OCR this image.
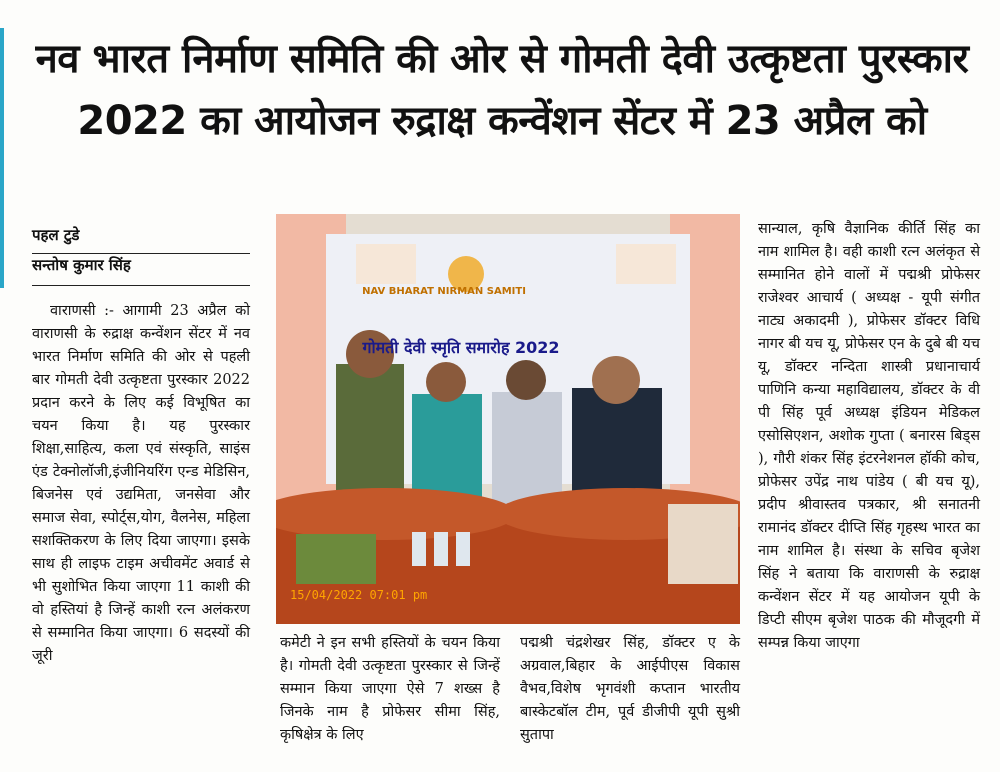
नव भारत निर्माण समिति की ओर से गोमती देवी उत्कृष्टता पुरस्कार
2022 का आयोजन रुद्राक्ष कन्वेंशन सेंटर में 23 अप्रैल को

पहल टुडे

सन्तोष कुमार सिंह

वाराणसी :- आगामी 23 अप्रैल को वाराणसी के रुद्राक्ष कन्वेंशन सेंटर में नव भारत निर्माण समिति की ओर से पहली बार गोमती देवी उत्कृष्टता पुरस्कार 2022 प्रदान करने के लिए कई विभूषित का चयन किया है। यह पुरस्कार शिक्षा,साहित्य, कला एवं संस्कृति, साइंस एंड टेक्नोलॉजी,इंजीनियरिंग एन्ड मेडिसिन, बिजनेस एवं उद्यमिता, जनसेवा और समाज सेवा, स्पोर्ट्स,योग, वैलनेस, महिला सशक्तिकरण के लिए दिया जाएगा। इसके साथ ही लाइफ टाइम अचीवमेंट अवार्ड से भी सुशोभित किया जाएगा 11 काशी की वो हस्तियां है जिन्हें काशी रत्न अलंकरण से सम्मानित किया जाएगा। 6 सदस्यों की जूरी

NAV BHARAT NIRMAN SAMITI
गोमती देवी स्मृति समारोह 2022
15/04/2022 07:01 pm

कमेटी ने इन सभी हस्तियों के चयन किया है। गोमती देवी उत्कृष्टता पुरस्कार से जिन्हें सम्मान किया जाएगा ऐसे 7 शख्स है जिनके नाम है प्रोफेसर सीमा सिंह, कृषिक्षेत्र के लिए

पद्मश्री चंद्रशेखर सिंह, डॉक्टर ए के अग्रवाल,बिहार के आईपीएस विकास वैभव,विशेष भृगवंशी कप्तान भारतीय बास्केटबॉल टीम, पूर्व डीजीपी यूपी सुश्री सुतापा

सान्याल, कृषि वैज्ञानिक कीर्ति सिंह का नाम शामिल है। वही काशी रत्न अलंकृत से सम्मानित होने वालों में पद्मश्री प्रोफेसर राजेश्वर आचार्य ( अध्यक्ष - यूपी संगीत नाट्य अकादमी ), प्रोफेसर डॉक्टर विधि नागर बी यच यू, प्रोफेसर एन के दुबे बी यच यू, डॉक्टर नन्दिता शास्त्री प्रधानाचार्य पाणिनि कन्या महाविद्यालय, डॉक्टर के वी पी सिंह पूर्व अध्यक्ष इंडियन मेडिकल एसोसिएशन, अशोक गुप्ता ( बनारस बिड्स ), गौरी शंकर सिंह इंटरनेशनल हॉकी कोच, प्रोफेसर उपेंद्र नाथ पांडेय ( बी यच यू), प्रदीप श्रीवास्तव पत्रकार, श्री सनातनी रामानंद डॉक्टर दीप्ति सिंह गृहस्थ भारत का नाम शामिल है। संस्था के सचिव बृजेश सिंह ने बताया कि वाराणसी के रुद्राक्ष कन्वेंशन सेंटर में यह आयोजन यूपी के डिप्टी सीएम बृजेश पाठक की मौजूदगी में सम्पन्न किया जाएगा
